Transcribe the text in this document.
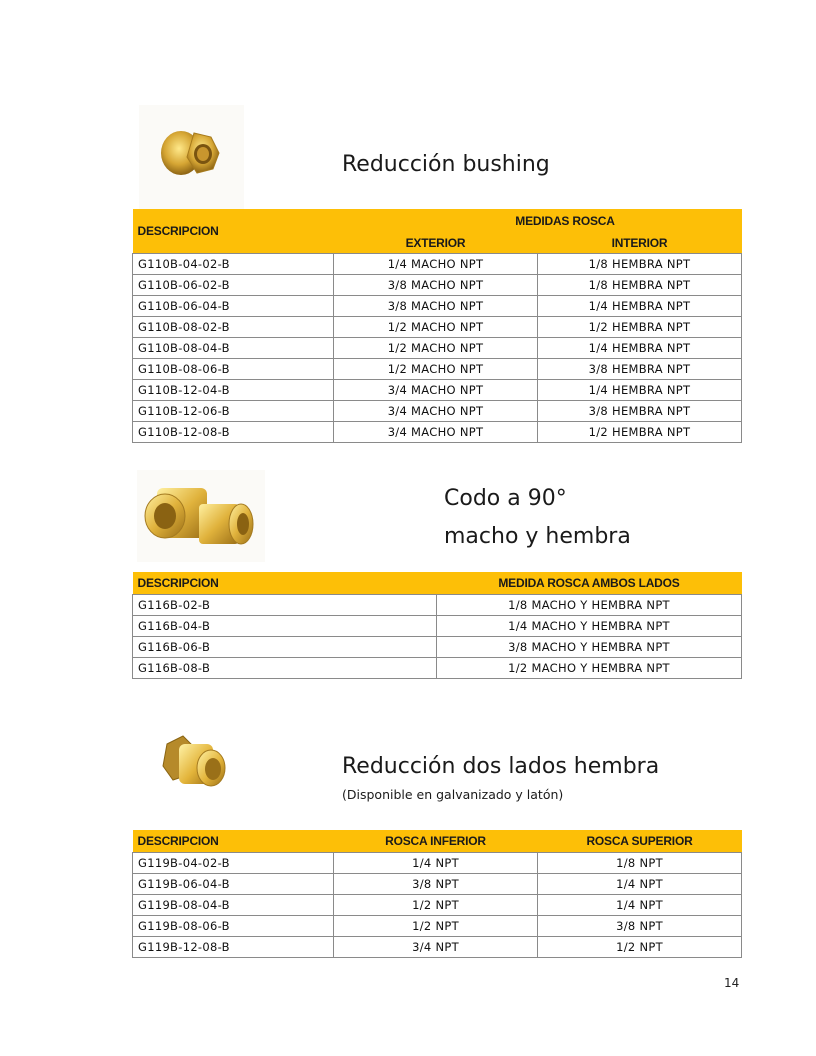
Reducción bushing
DESCRIPCION	MEDIDAS ROSCA	
	EXTERIOR	INTERIOR
G110B-04-02-B	1/4 MACHO NPT	1/8 HEMBRA NPT
G110B-06-02-B	3/8 MACHO NPT	1/8 HEMBRA NPT
G110B-06-04-B	3/8 MACHO NPT	1/4 HEMBRA NPT
G110B-08-02-B	1/2 MACHO NPT	1/2 HEMBRA NPT
G110B-08-04-B	1/2 MACHO NPT	1/4 HEMBRA NPT
G110B-08-06-B	1/2 MACHO NPT	3/8 HEMBRA NPT
G110B-12-04-B	3/4 MACHO NPT	1/4 HEMBRA NPT
G110B-12-06-B	3/4 MACHO NPT	3/8 HEMBRA NPT
G110B-12-08-B	3/4 MACHO NPT	1/2 HEMBRA NPT
Codo a 90°
macho y hembra
DESCRIPCION	MEDIDA ROSCA AMBOS LADOS
G116B-02-B	1/8 MACHO Y HEMBRA NPT
G116B-04-B	1/4 MACHO Y HEMBRA NPT
G116B-06-B	3/8 MACHO Y HEMBRA NPT
G116B-08-B	1/2 MACHO Y HEMBRA NPT
Reducción dos lados hembra
(Disponible en galvanizado y latón)
DESCRIPCION	ROSCA INFERIOR	ROSCA SUPERIOR
G119B-04-02-B	1/4 NPT	1/8 NPT
G119B-06-04-B	3/8 NPT	1/4 NPT
G119B-08-04-B	1/2 NPT	1/4 NPT
G119B-08-06-B	1/2 NPT	3/8 NPT
G119B-12-08-B	3/4 NPT	1/2 NPT
14
